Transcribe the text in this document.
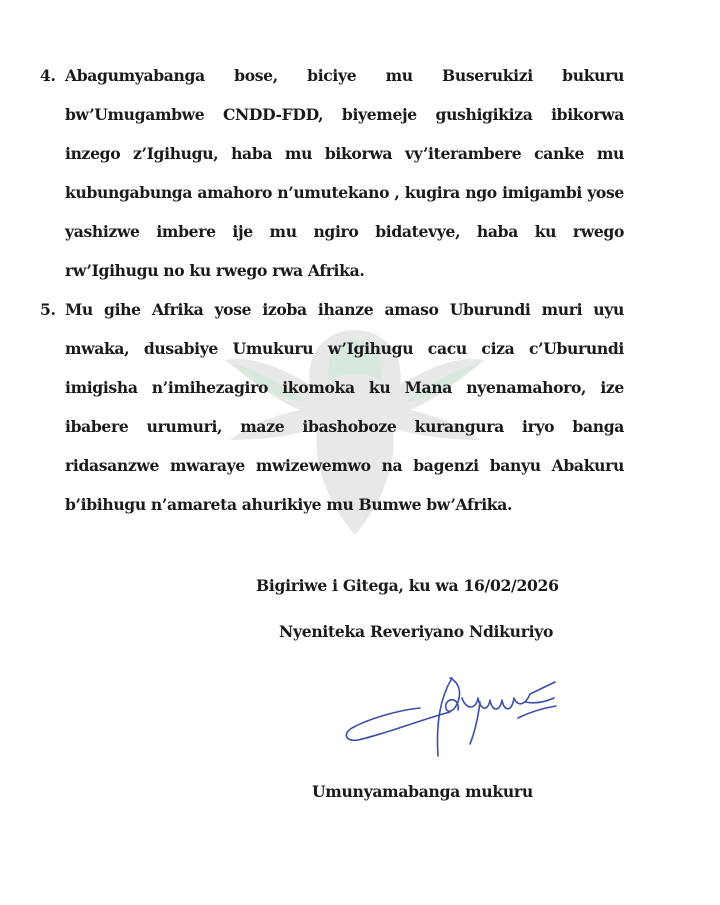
4. Abagumyabanga bose, biciye mu Buserukizi bukuru bw’Umugambwe CNDD-FDD, biyemeje gushigikiza ibikorwa inzego z’Igihugu, haba mu bikorwa vy’iterambere canke mu kubungabunga amahoro n’umutekano , kugira ngo imigambi yose yashizwe imbere ije mu ngiro bidatevye, haba ku rwego rw’Igihugu no ku rwego rwa Afrika.
5. Mu gihe Afrika yose izoba ihanze amaso Uburundi muri uyu mwaka, dusabiye Umukuru w’Igihugu cacu ciza c’Uburundi imigisha n’imihezagiro ikomoka ku Mana nyenamahoro, ize ibabere urumuri, maze ibashoboze kurangura iryo banga ridasanzwe mwaraye mwizewemwo na bagenzi banyu Abakuru b’ibihugu n’amareta ahurikiye mu Bumwe bw’Afrika.
Bigiriwe i Gitega, ku wa 16/02/2026
Nyeniteka Reveriyano Ndikuriyo
Umunyamabanga mukuru
